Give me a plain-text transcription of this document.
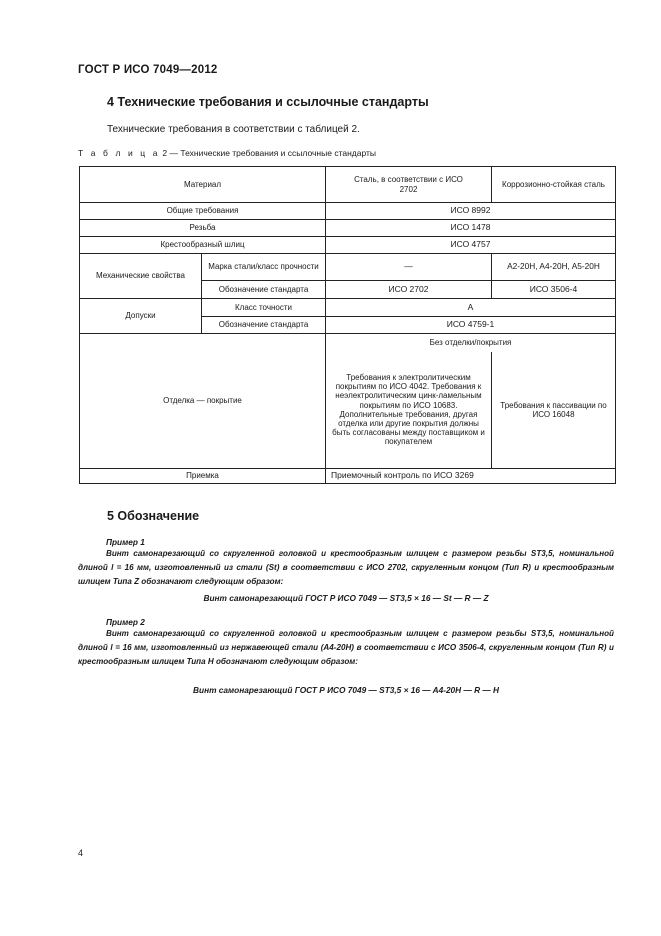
ГОСТ Р ИСО 7049—2012
4 Технические требования и ссылочные стандарты
Технические требования в соответствии с таблицей 2.
Т а б л и ц а 2 — Технические требования и ссылочные стандарты
Материал		Сталь, в соответствии с ИСО 2702	Коррозионно-стойкая сталь
Общие требования		ИСО 8992	
Резьба		ИСО 1478	
Крестообразный шлиц		ИСО 4757	
Механические свойства	Марка стали/класс прочности	—	A2-20H, A4-20H, A5-20H
	Обозначение стандарта	ИСО 2702	ИСО 3506-4
Допуски	Класс точности	А	
	Обозначение стандарта	ИСО 4759-1	
Отделка — покрытие		Без отделки/покрытия	
		Требования к электролитическим покрытиям по ИСО 4042. Требования к неэлектролитическим цинк-ламельным покрытиям по ИСО 10683. Дополнительные требования, другая отделка или другие покрытия должны быть согласованы между поставщиком и покупателем	Требования к пассивации по ИСО 16048
Приемка		Приемочный контроль по ИСО 3269	
5 Обозначение
Пример 1
Винт самонарезающий со скругленной головкой и крестообразным шлицем с размером резьбы ST3,5, номинальной длиной l = 16 мм, изготовленный из стали (St) в соответствии с ИСО 2702, скругленным концом (Тип R) и крестообразным шлицем Типа Z обозначают следующим образом:
Винт самонарезающий ГОСТ Р ИСО 7049 — ST3,5 × 16 — St — R — Z
Пример 2
Винт самонарезающий со скругленной головкой и крестообразным шлицем с размером резьбы ST3,5, номинальной длиной l = 16 мм, изготовленный из нержавеющей стали (A4-20H) в соответствии с ИСО 3506-4, скругленным концом (Тип R) и крестообразным шлицем Типа H обозначают следующим образом:
Винт самонарезающий ГОСТ Р ИСО 7049 — ST3,5 × 16 — A4-20H — R — H
4
